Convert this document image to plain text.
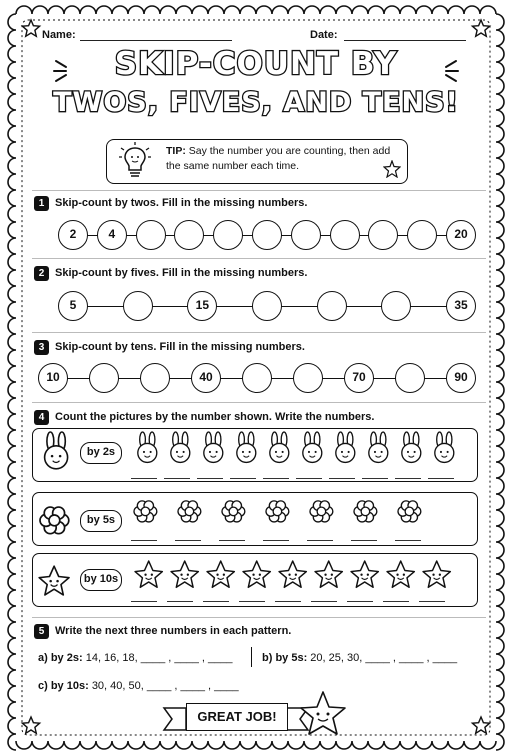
Name:	Date:
SKIP-COUNT BY
TWOS, FIVES, AND TENS!
TIP: Say the number you are counting, then add the same number each time.
1 Skip-count by twos. Fill in the missing numbers.
2	4	20
2 Skip-count by fives. Fill in the missing numbers.
5	15	35
3 Skip-count by tens. Fill in the missing numbers.
10	40	70	90
4 Count the pictures by the number shown. Write the numbers.
by 2s
by 5s
by 10s
5 Write the next three numbers in each pattern.
a) by 2s: 14, 16, 18, ____ , ____ , ____	b) by 5s: 20, 25, 30, ____ , ____ , ____
c) by 10s: 30, 40, 50, ____ , ____ , ____
GREAT JOB!
